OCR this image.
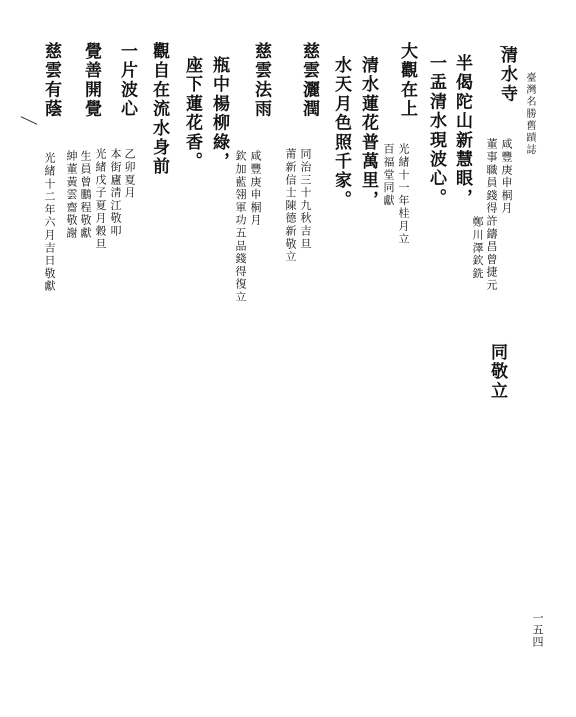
臺灣名勝舊蹟誌
清水寺
咸豐庚申桐月
董事職員錢得許鑄昌曾捷元
鄭川澤欽銑
同敬立
半偈陀山新慧眼，
一盂清水現波心。
大觀在上
光緒十一年桂月立
百福堂同獻
清水蓮花普萬里，
水天月色照千家。
慈雲灑潤
同治三十九秋吉旦
莆新信士陳德新敬立
慈雲法雨
咸豐庚申桐月
欽加藍翎軍功五品錢得復立
瓶中楊柳綠，
座下蓮花香。
觀自在流水身前
乙卯夏月
本街廬清江敬叩
一片波心
光緒戊子夏月穀旦
生員曾鵬程敬獻
紳董黃雲齋敬謝
覺善開覺
慈雲有蔭
光緒十二年六月吉日敬獻
一五四
